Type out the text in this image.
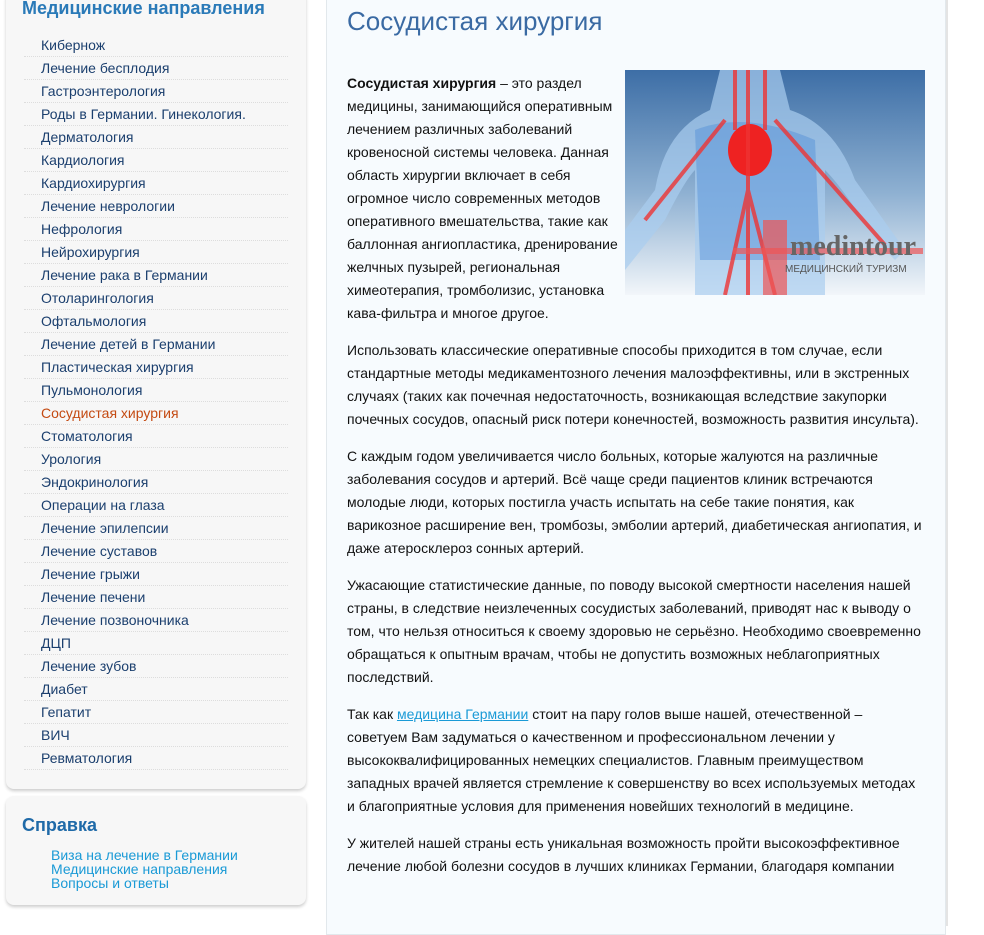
Медицинские направления
Кибернож
Лечение бесплодия
Гастроэнтерология
Роды в Германии. Гинекология.
Дерматология
Кардиология
Кардиохирургия
Лечение неврологии
Нефрология
Нейрохирургия
Лечение рака в Германии
Отоларингология
Офтальмология
Лечение детей в Германии
Пластическая хирургия
Пульмонология
Сосудистая хирургия
Стоматология
Урология
Эндокринология
Операции на глаза
Лечение эпилепсии
Лечение суставов
Лечение грыжи
Лечение печени
Лечение позвоночника
ДЦП
Лечение зубов
Диабет
Гепатит
ВИЧ
Ревматология
Справка
Виза на лечение в Германии
Медицинские направления
Вопросы и ответы
Сосудистая хирургия

medintour
МЕДИЦИНСКИЙ ТУРИЗМ
Сосудистая хирургия – это раздел медицины, занимающийся оперативным лечением различных заболеваний кровеносной системы человека. Данная область хирургии включает в себя огромное число современных методов оперативного вмешательства, такие как баллонная ангиопластика, дренирование желчных пузырей, региональная химеотерапия, тромболизис, установка кава-фильтра и многое другое.

Использовать классические оперативные способы приходится в том случае, если стандартные методы медикаментозного лечения малоэффективны, или в экстренных случаях (таких как почечная недостаточность, возникающая вследствие закупорки почечных сосудов, опасный риск потери конечностей, возможность развития инсульта).

С каждым годом увеличивается число больных, которые жалуются на различные заболевания сосудов и артерий. Всё чаще среди пациентов клиник встречаются молодые люди, которых постигла участь испытать на себе такие понятия, как варикозное расширение вен, тромбозы, эмболии артерий, диабетическая ангиопатия, и даже атеросклероз сонных артерий.

Ужасающие статистические данные, по поводу высокой смертности населения нашей страны, в следствие неизлеченных сосудистых заболеваний, приводят нас к выводу о том, что нельзя относиться к своему здоровью не серьёзно. Необходимо своевременно обращаться к опытным врачам, чтобы не допустить возможных неблагоприятных последствий.

Так как медицина Германии стоит на пару голов выше нашей, отечественной – советуем Вам задуматься о качественном и профессиональном лечении у высококвалифицированных немецких специалистов. Главным преимуществом западных врачей является стремление к совершенству во всех используемых методах и благоприятные условия для применения новейших технологий в медицине.

У жителей нашей страны есть уникальная возможность пройти высокоэффективное лечение любой болезни сосудов в лучших клиниках Германии, благодаря компании
